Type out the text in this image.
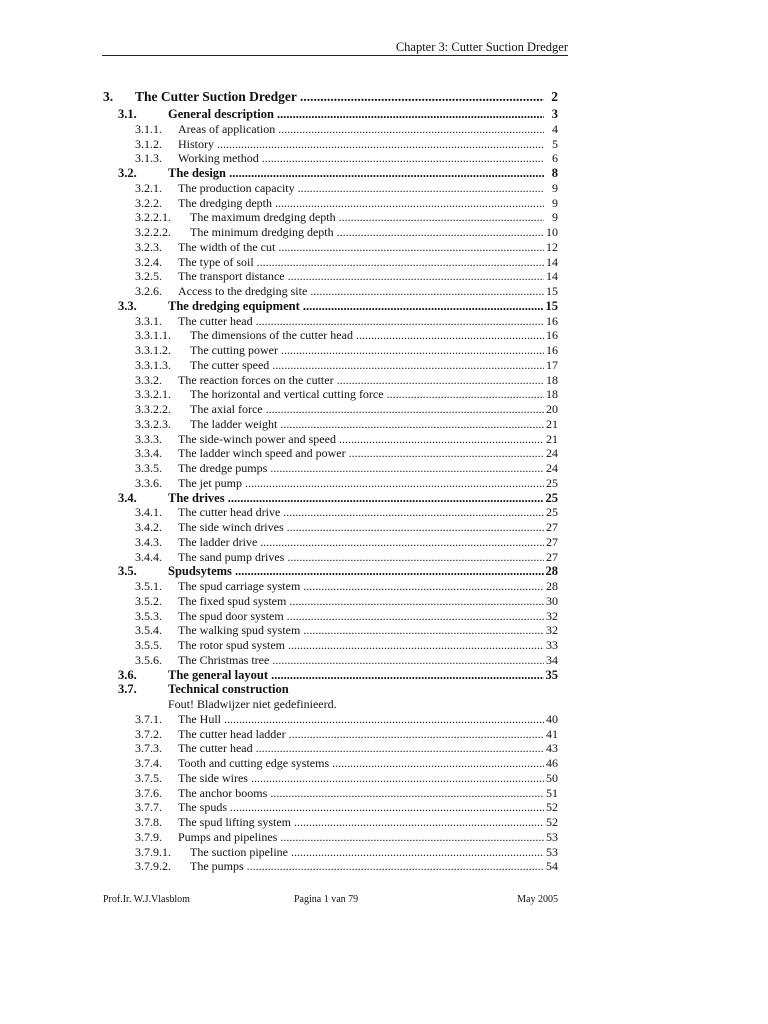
Chapter 3: Cutter Suction Dredger
3. The Cutter Suction Dredger .....	2
3.1.	General description .....	3
3.1.1. Areas of application .....	4
3.1.2. History .....	5
3.1.3. Working method .....	6
3.2.	The design .....	8
3.2.1. The production capacity .....	9
3.2.2. The dredging depth .....	9
3.2.2.1. The maximum dredging depth .....	9
3.2.2.2. The minimum dredging depth .....	10
3.2.3. The width of the cut .....	12
3.2.4. The type of soil .....	14
3.2.5. The transport distance .....	14
3.2.6. Access to the dredging site .....	15
3.3.	The dredging equipment .....	15
3.3.1. The cutter head .....	16
3.3.1.1. The dimensions of the cutter head .....	16
3.3.1.2. The cutting power .....	16
3.3.1.3. The cutter speed .....	17
3.3.2. The reaction forces on the cutter .....	18
3.3.2.1. The horizontal and vertical cutting force .....	18
3.3.2.2. The axial force .....	20
3.3.2.3. The ladder weight .....	21
3.3.3. The side-winch power and speed .....	21
3.3.4. The ladder winch speed and power .....	24
3.3.5. The dredge pumps .....	24
3.3.6. The jet pump .....	25
3.4.	The drives .....	25
3.4.1. The cutter head drive .....	25
3.4.2. The side winch drives .....	27
3.4.3. The ladder drive .....	27
3.4.4. The sand pump drives .....	27
3.5.	Spudsytems .....	28
3.5.1. The spud carriage system .....	28
3.5.2. The fixed spud system .....	30
3.5.3. The spud door system .....	32
3.5.4. The walking spud system .....	32
3.5.5. The rotor spud system .....	33
3.5.6. The Christmas tree .....	34
3.6.	The general layout .....	35
3.7.	Technical construction
Fout! Bladwijzer niet gedefinieerd.
3.7.1. The Hull .....	40
3.7.2. The cutter head ladder .....	41
3.7.3. The cutter head .....	43
3.7.4. Tooth and cutting edge systems .....	46
3.7.5. The side wires .....	50
3.7.6. The anchor booms .....	51
3.7.7. The spuds .....	52
3.7.8. The spud lifting system .....	52
3.7.9. Pumps and pipelines .....	53
3.7.9.1. The suction pipeline .....	53
3.7.9.2. The pumps .....	54
Prof.Ir. W.J.Vlasblom	Pagina 1 van 79	May 2005
